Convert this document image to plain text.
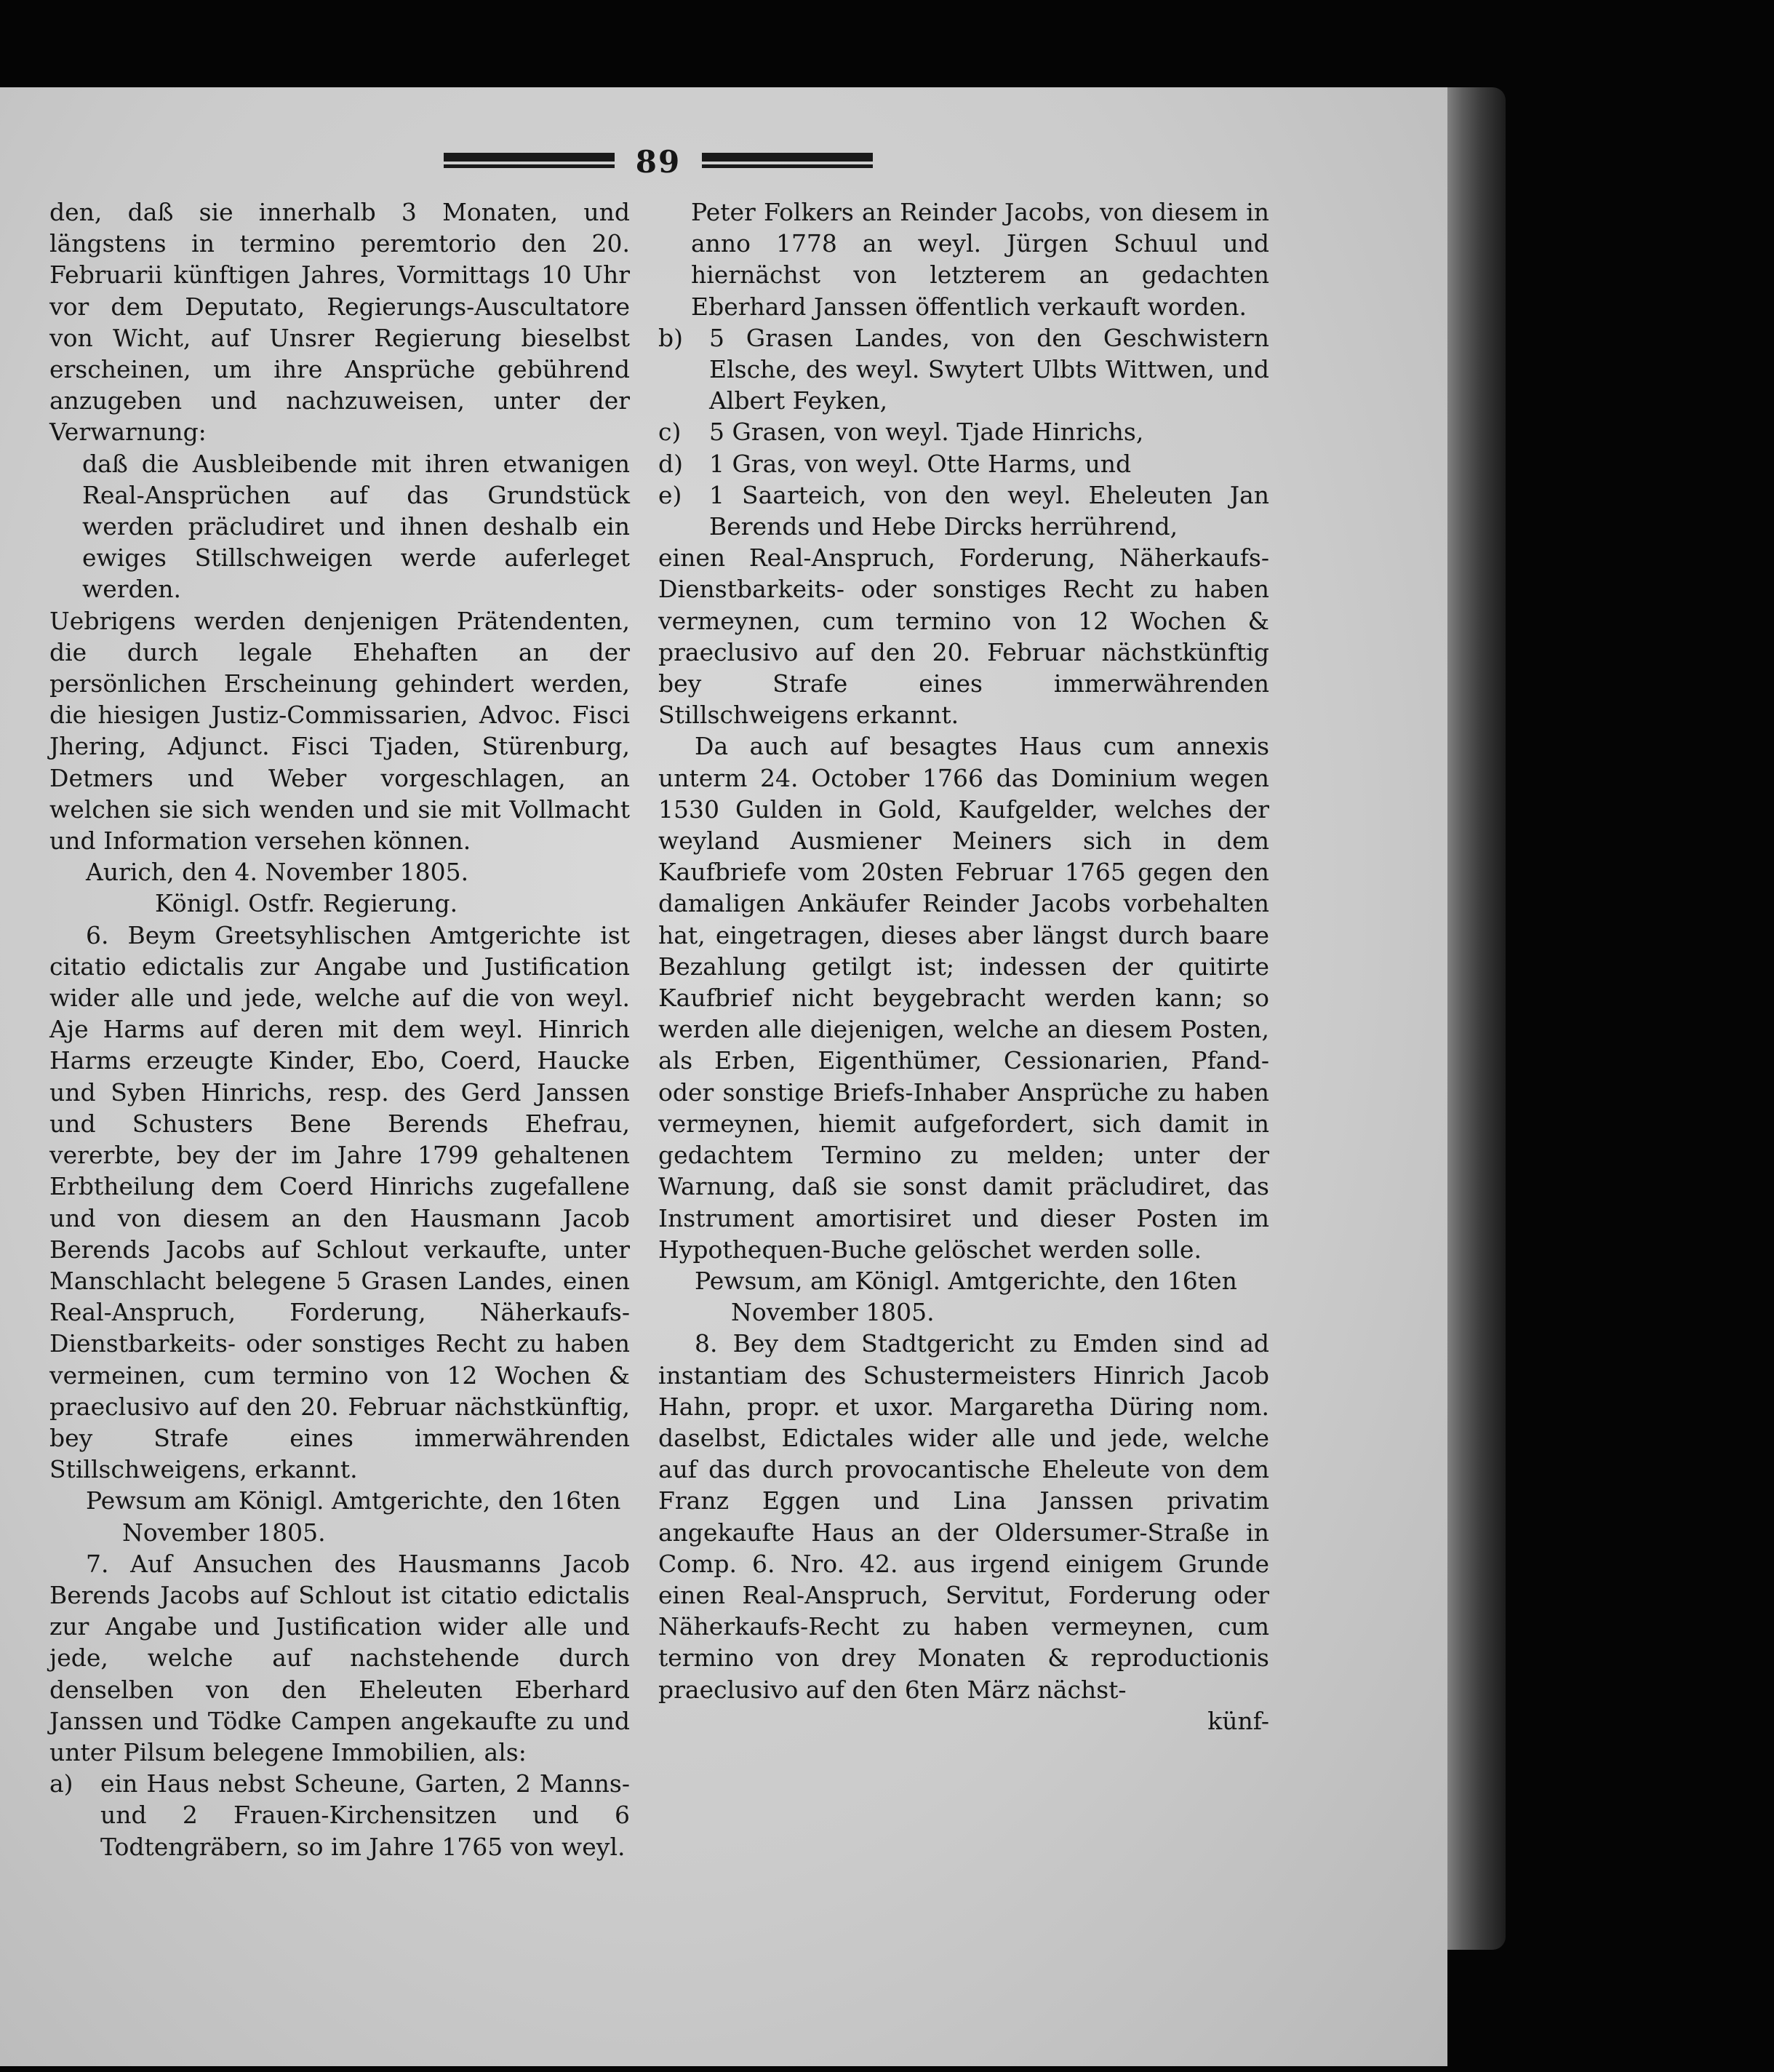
89

den, daß sie innerhalb 3 Monaten, und längstens in termino peremtorio den 20. Februarii künftigen Jahres, Vormittags 10 Uhr vor dem Deputato, Regierungs-Auscultatore von Wicht, auf Unsrer Regierung bieselbst erscheinen, um ihre Ansprüche gebührend anzugeben und nachzuweisen, unter der Verwarnung:

daß die Ausbleibende mit ihren etwanigen Real-Ansprüchen auf das Grundstück werden präcludiret und ihnen deshalb ein ewiges Stillschweigen werde auferleget werden.

Uebrigens werden denjenigen Prätendenten, die durch legale Ehehaften an der persönlichen Erscheinung gehindert werden, die hiesigen Justiz-Commissarien, Advoc. Fisci Jhering, Adjunct. Fisci Tjaden, Stürenburg, Detmers und Weber vorgeschlagen, an welchen sie sich wenden und sie mit Vollmacht und Information versehen können.

Aurich, den 4. November 1805.

Königl. Ostfr. Regierung.

6. Beym Greetsyhlischen Amtgerichte ist citatio edictalis zur Angabe und Justification wider alle und jede, welche auf die von weyl. Aje Harms auf deren mit dem weyl. Hinrich Harms erzeugte Kinder, Ebo, Coerd, Haucke und Syben Hinrichs, resp. des Gerd Janssen und Schusters Bene Berends Ehefrau, vererbte, bey der im Jahre 1799 gehaltenen Erbtheilung dem Coerd Hinrichs zugefallene und von diesem an den Hausmann Jacob Berends Jacobs auf Schlout verkaufte, unter Manschlacht belegene 5 Grasen Landes, einen Real-Anspruch, Forderung, Näherkaufs-Dienstbarkeits- oder sonstiges Recht zu haben vermeinen, cum termino von 12 Wochen & praeclusivo auf den 20. Februar nächstkünftig, bey Strafe eines immerwährenden Stillschweigens, erkannt.

Pewsum am Königl. Amtgerichte, den 16ten

November 1805.

7. Auf Ansuchen des Hausmanns Jacob Berends Jacobs auf Schlout ist citatio edictalis zur Angabe und Justification wider alle und jede, welche auf nachstehende durch denselben von den Eheleuten Eberhard Janssen und Tödke Campen angekaufte zu und unter Pilsum belegene Immobilien, als:

a)	ein Haus nebst Scheune, Garten, 2 Manns- und 2 Frauen-Kirchensitzen und 6 Todtengräbern, so im Jahre 1765 von weyl.

Peter Folkers an Reinder Jacobs, von diesem in anno 1778 an weyl. Jürgen Schuul und hiernächst von letzterem an gedachten Eberhard Janssen öffentlich verkauft worden.

b)	5 Grasen Landes, von den Geschwistern Elsche, des weyl. Swytert Ulbts Wittwen, und Albert Feyken,
c)	5 Grasen, von weyl. Tjade Hinrichs,
d)	1 Gras, von weyl. Otte Harms, und
e)	1 Saarteich, von den weyl. Eheleuten Jan Berends und Hebe Dircks herrührend,

einen Real-Anspruch, Forderung, Näherkaufs-Dienstbarkeits- oder sonstiges Recht zu haben vermeynen, cum termino von 12 Wochen & praeclusivo auf den 20. Februar nächstkünftig bey Strafe eines immerwährenden Stillschweigens erkannt.

Da auch auf besagtes Haus cum annexis unterm 24. October 1766 das Dominium wegen 1530 Gulden in Gold, Kaufgelder, welches der weyland Ausmiener Meiners sich in dem Kaufbriefe vom 20sten Februar 1765 gegen den damaligen Ankäufer Reinder Jacobs vorbehalten hat, eingetragen, dieses aber längst durch baare Bezahlung getilgt ist; indessen der quitirte Kaufbrief nicht beygebracht werden kann; so werden alle diejenigen, welche an diesem Posten, als Erben, Eigenthümer, Cessionarien, Pfand- oder sonstige Briefs-Inhaber Ansprüche zu haben vermeynen, hiemit aufgefordert, sich damit in gedachtem Termino zu melden; unter der Warnung, daß sie sonst damit präcludiret, das Instrument amortisiret und dieser Posten im Hypothequen-Buche gelöschet werden solle.

Pewsum, am Königl. Amtgerichte, den 16ten

November 1805.

8. Bey dem Stadtgericht zu Emden sind ad instantiam des Schustermeisters Hinrich Jacob Hahn, propr. et uxor. Margaretha Düring nom. daselbst, Edictales wider alle und jede, welche auf das durch provocantische Eheleute von dem Franz Eggen und Lina Janssen privatim angekaufte Haus an der Oldersumer-Straße in Comp. 6. Nro. 42. aus irgend einigem Grunde einen Real-Anspruch, Servitut, Forderung oder Näherkaufs-Recht zu haben vermeynen, cum termino von drey Monaten & reproductionis praeclusivo auf den 6ten März nächst-

künf-
